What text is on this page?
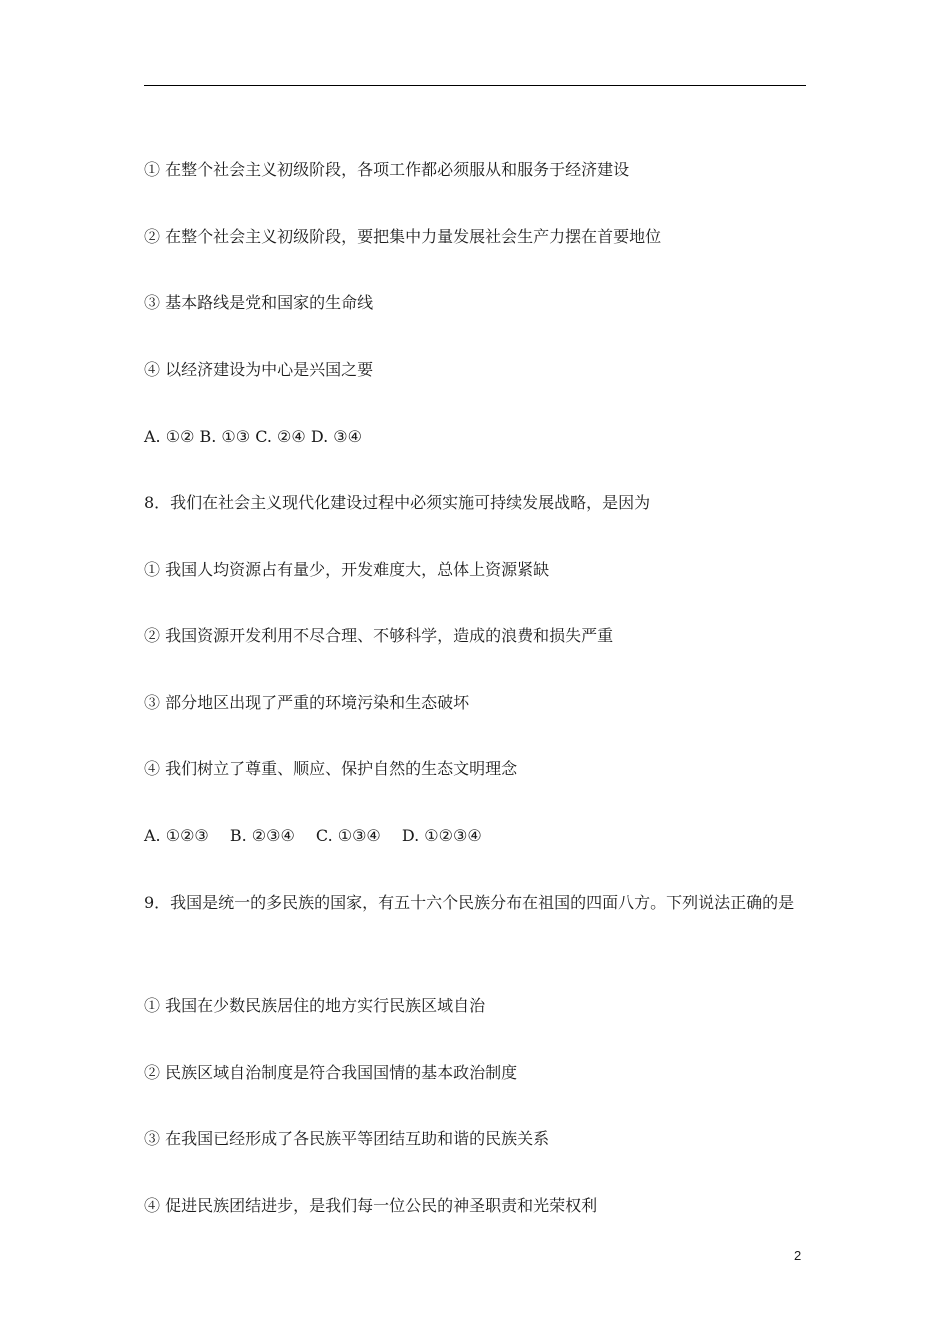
① 在整个社会主义初级阶段，各项工作都必须服从和服务于经济建设
② 在整个社会主义初级阶段，要把集中力量发展社会生产力摆在首要地位
③ 基本路线是党和国家的生命线
④ 以经济建设为中心是兴国之要
A. ①② B. ①③ C. ②④ D. ③④
8．我们在社会主义现代化建设过程中必须实施可持续发展战略，是因为
① 我国人均资源占有量少，开发难度大，总体上资源紧缺
② 我国资源开发利用不尽合理、不够科学，造成的浪费和损失严重
③ 部分地区出现了严重的环境污染和生态破坏
④ 我们树立了尊重、顺应、保护自然的生态文明理念
A. ①②③　 B. ②③④　 C. ①③④　 D. ①②③④
9．我国是统一的多民族的国家，有五十六个民族分布在祖国的四面八方。下列说法正确的是
① 我国在少数民族居住的地方实行民族区域自治
② 民族区域自治制度是符合我国国情的基本政治制度
③ 在我国已经形成了各民族平等团结互助和谐的民族关系
④ 促进民族团结进步，是我们每一位公民的神圣职责和光荣权利
2
